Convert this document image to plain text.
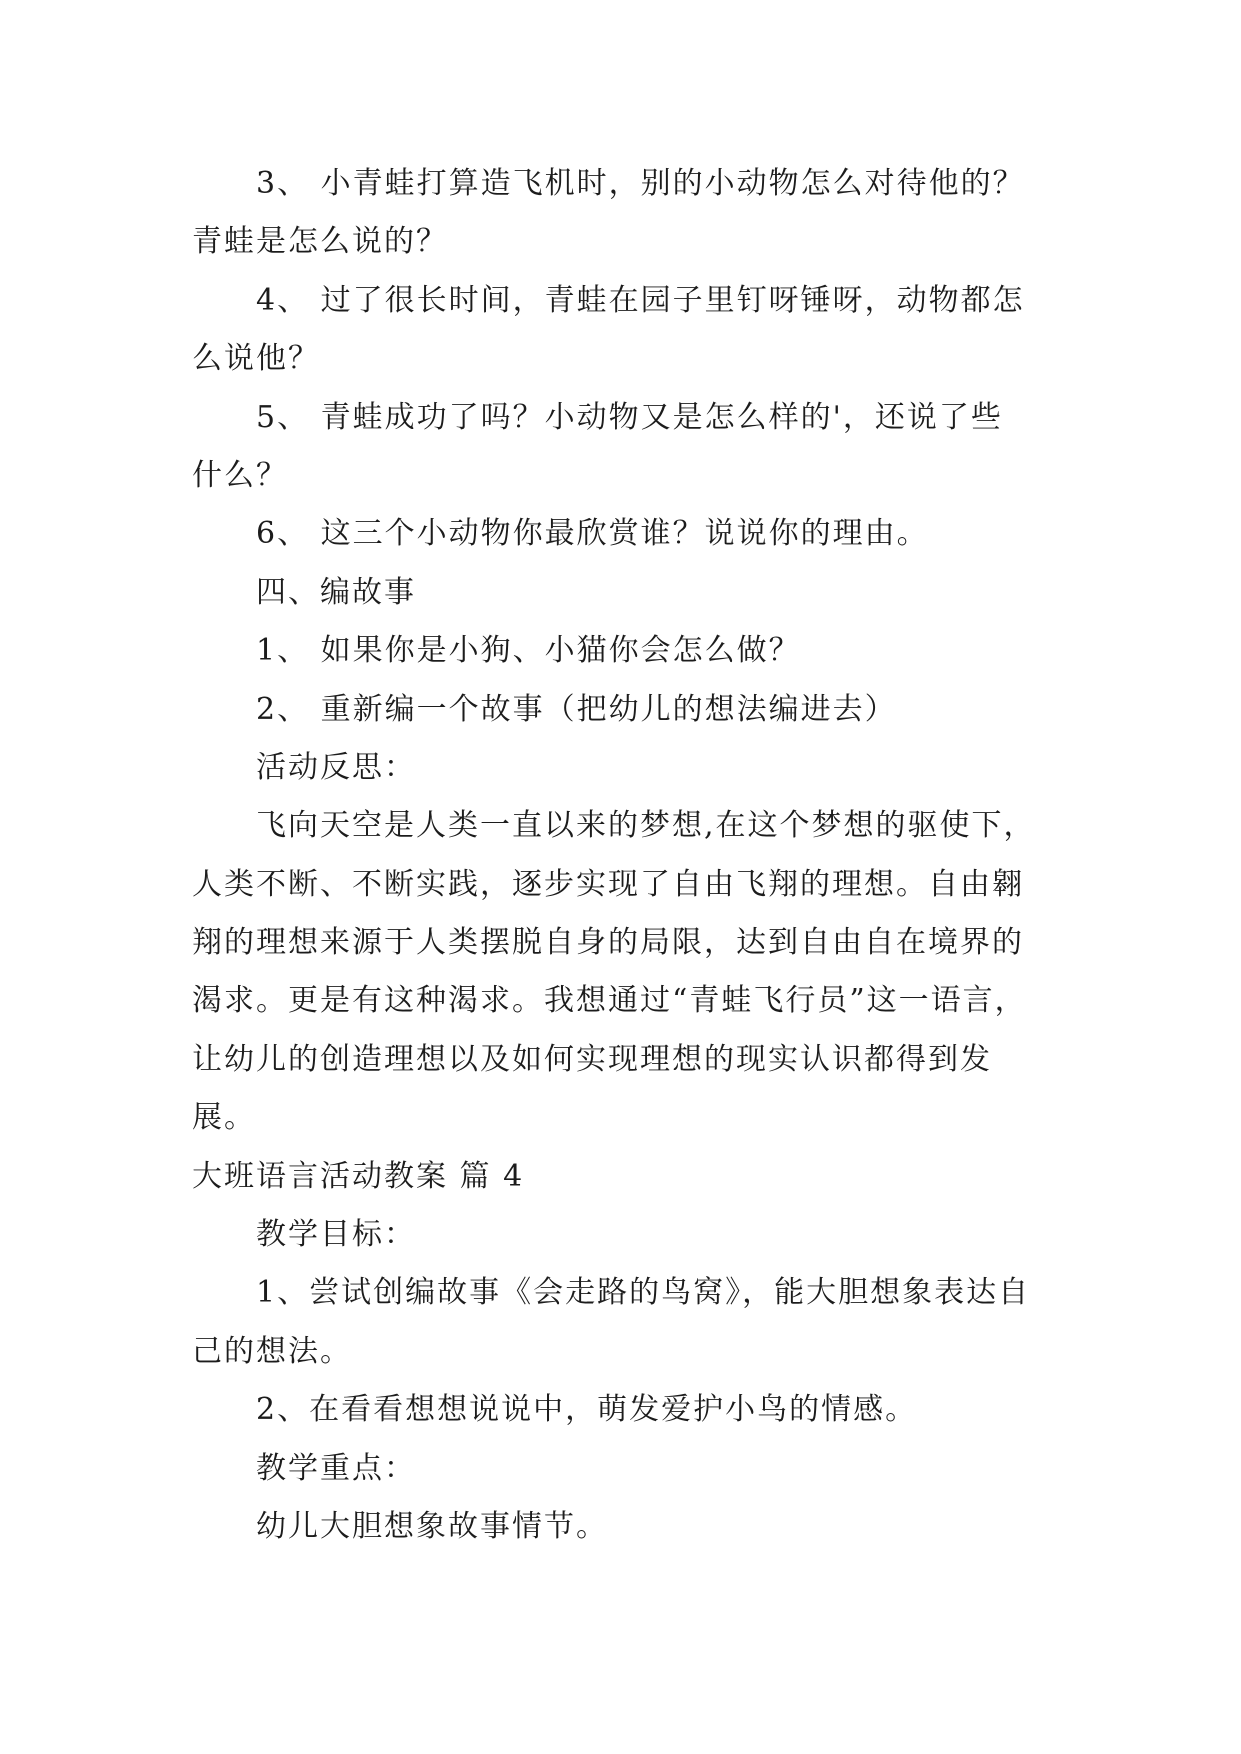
3、 小青蛙打算造飞机时，别的小动物怎么对待他的？
青蛙是怎么说的？
4、 过了很长时间，青蛙在园子里钉呀锤呀，动物都怎
么说他？
5、 青蛙成功了吗？小动物又是怎么样的'，还说了些
什么？
6、 这三个小动物你最欣赏谁？说说你的理由。
四、编故事
1、 如果你是小狗、小猫你会怎么做？
2、 重新编一个故事（把幼儿的想法编进去）
活动反思：
飞向天空是人类一直以来的梦想,在这个梦想的驱使下，
人类不断、不断实践，逐步实现了自由飞翔的理想。自由翱
翔的理想来源于人类摆脱自身的局限，达到自由自在境界的
渴求。更是有这种渴求。我想通过“青蛙飞行员”这一语言，
让幼儿的创造理想以及如何实现理想的现实认识都得到发
展。
大班语言活动教案 篇 4
教学目标：
1、尝试创编故事《会走路的鸟窝》，能大胆想象表达自
己的想法。
2、在看看想想说说中，萌发爱护小鸟的情感。
教学重点：
幼儿大胆想象故事情节。
